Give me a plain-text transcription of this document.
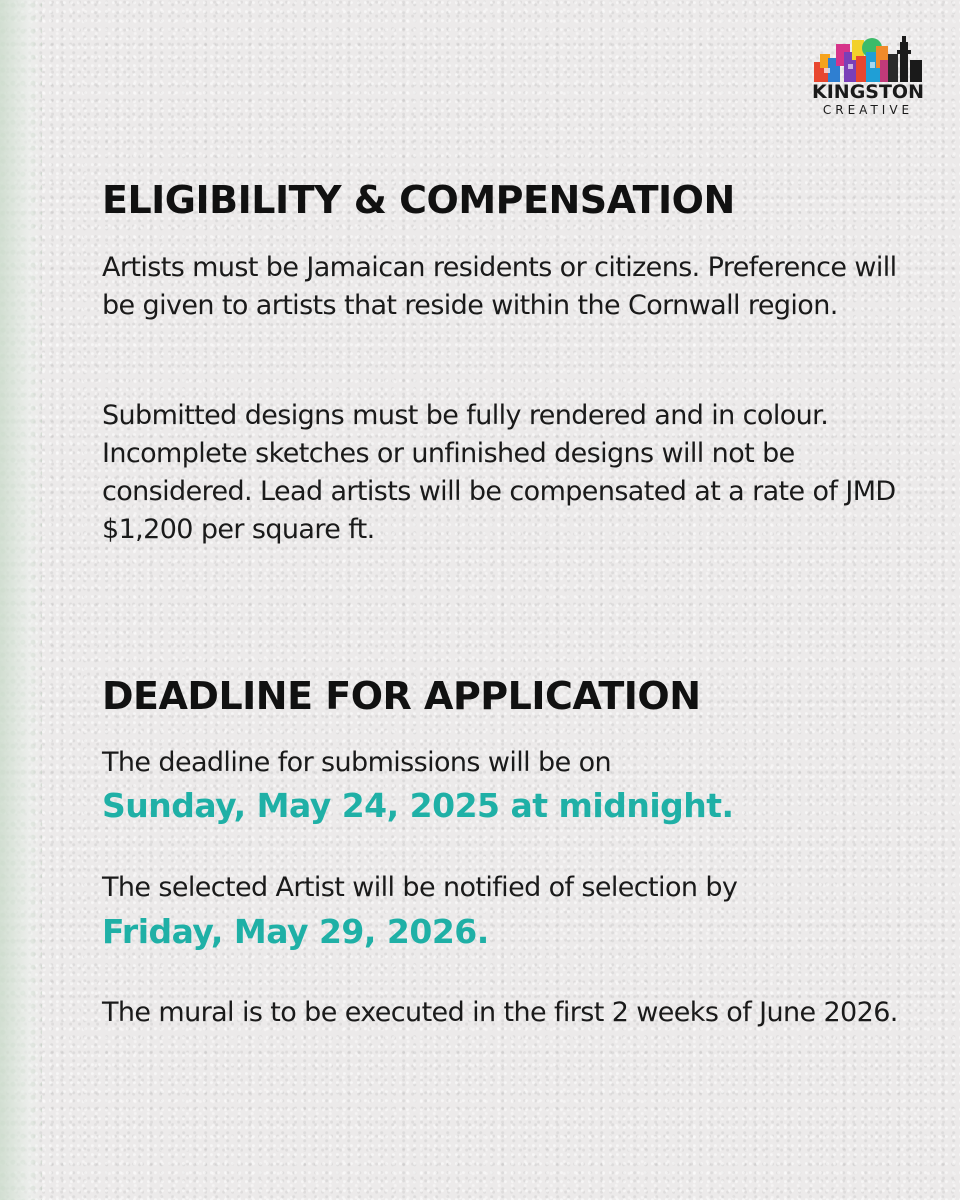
KINGSTON
CREATIVE
ELIGIBILITY & COMPENSATION

Artists must be Jamaican residents or citizens. Preference will be given to artists that reside within the Cornwall region.

Submitted designs must be fully rendered and in colour. Incomplete sketches or unfinished designs will not be considered. Lead artists will be compensated at a rate of JMD $1,200 per square ft.

DEADLINE FOR APPLICATION

The deadline for submissions will be on

Sunday, May 24, 2025 at midnight.

The selected Artist will be notified of selection by

Friday, May 29, 2026.

The mural is to be executed in the first 2 weeks of June 2026.
